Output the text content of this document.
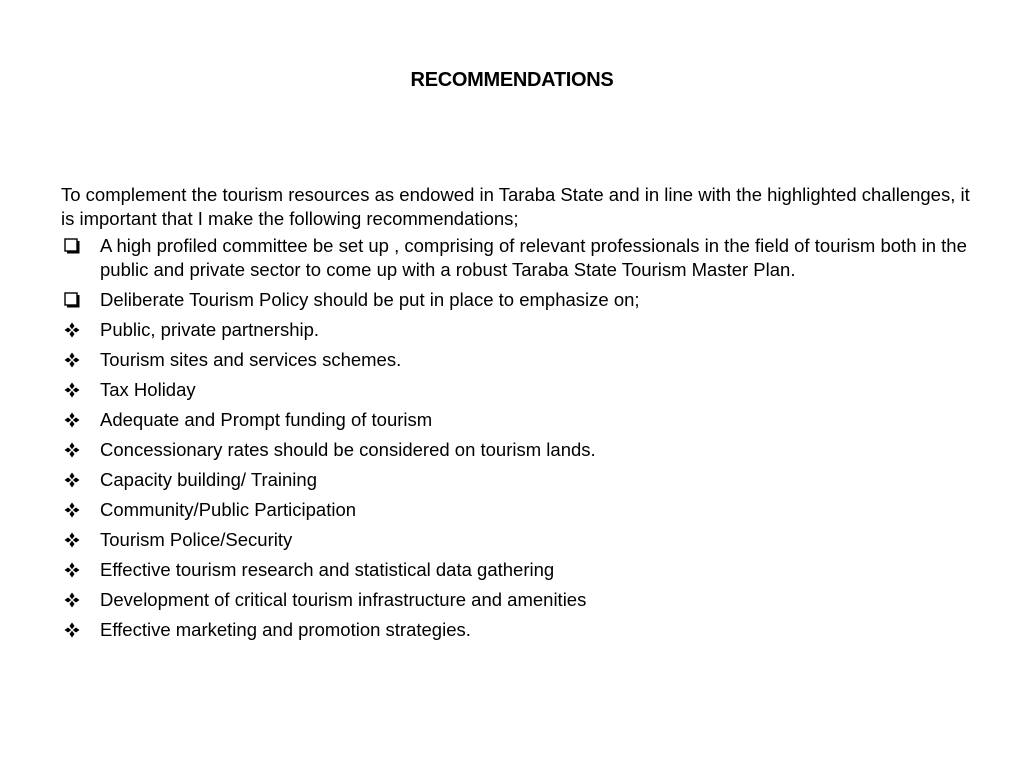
RECOMMENDATIONS

To complement the tourism resources as endowed in Taraba State and in line with the highlighted challenges, it is important that I make the following recommendations;

A high profiled committee be set up , comprising of relevant professionals in the field of tourism both in the public and private sector to come up with a robust Taraba State Tourism Master Plan.
Deliberate Tourism Policy should be put in place to emphasize on;
Public, private partnership.
Tourism sites and services schemes.
Tax Holiday
Adequate and Prompt funding of tourism
Concessionary rates should be considered on tourism lands.
Capacity building/ Training
Community/Public Participation
Tourism Police/Security
Effective tourism research and statistical data gathering
Development of critical tourism infrastructure and amenities
Effective marketing and promotion strategies.
